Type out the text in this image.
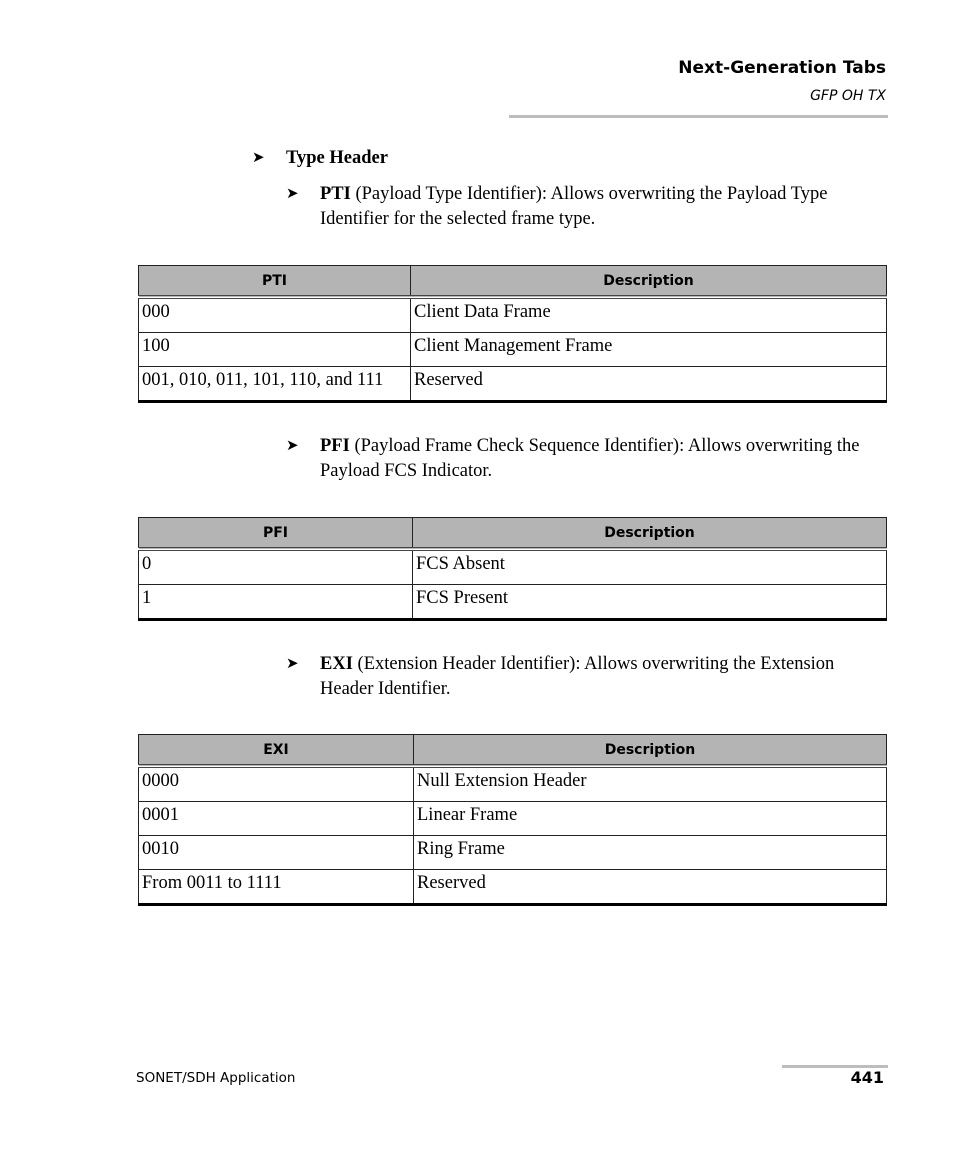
Next-Generation Tabs
GFP OH TX
➤	Type Header
➤	PTI (Payload Type Identifier): Allows overwriting the Payload Type Identifier for the selected frame type.
PTI	Description
000	Client Data Frame
100	Client Management Frame
001, 010, 011, 101, 110, and 111	Reserved
➤	PFI (Payload Frame Check Sequence Identifier): Allows overwriting the Payload FCS Indicator.
PFI	Description
0	FCS Absent
1	FCS Present
➤	EXI (Extension Header Identifier): Allows overwriting the Extension Header Identifier.
EXI	Description
0000	Null Extension Header
0001	Linear Frame
0010	Ring Frame
From 0011 to 1111	Reserved
SONET/SDH Application	441
